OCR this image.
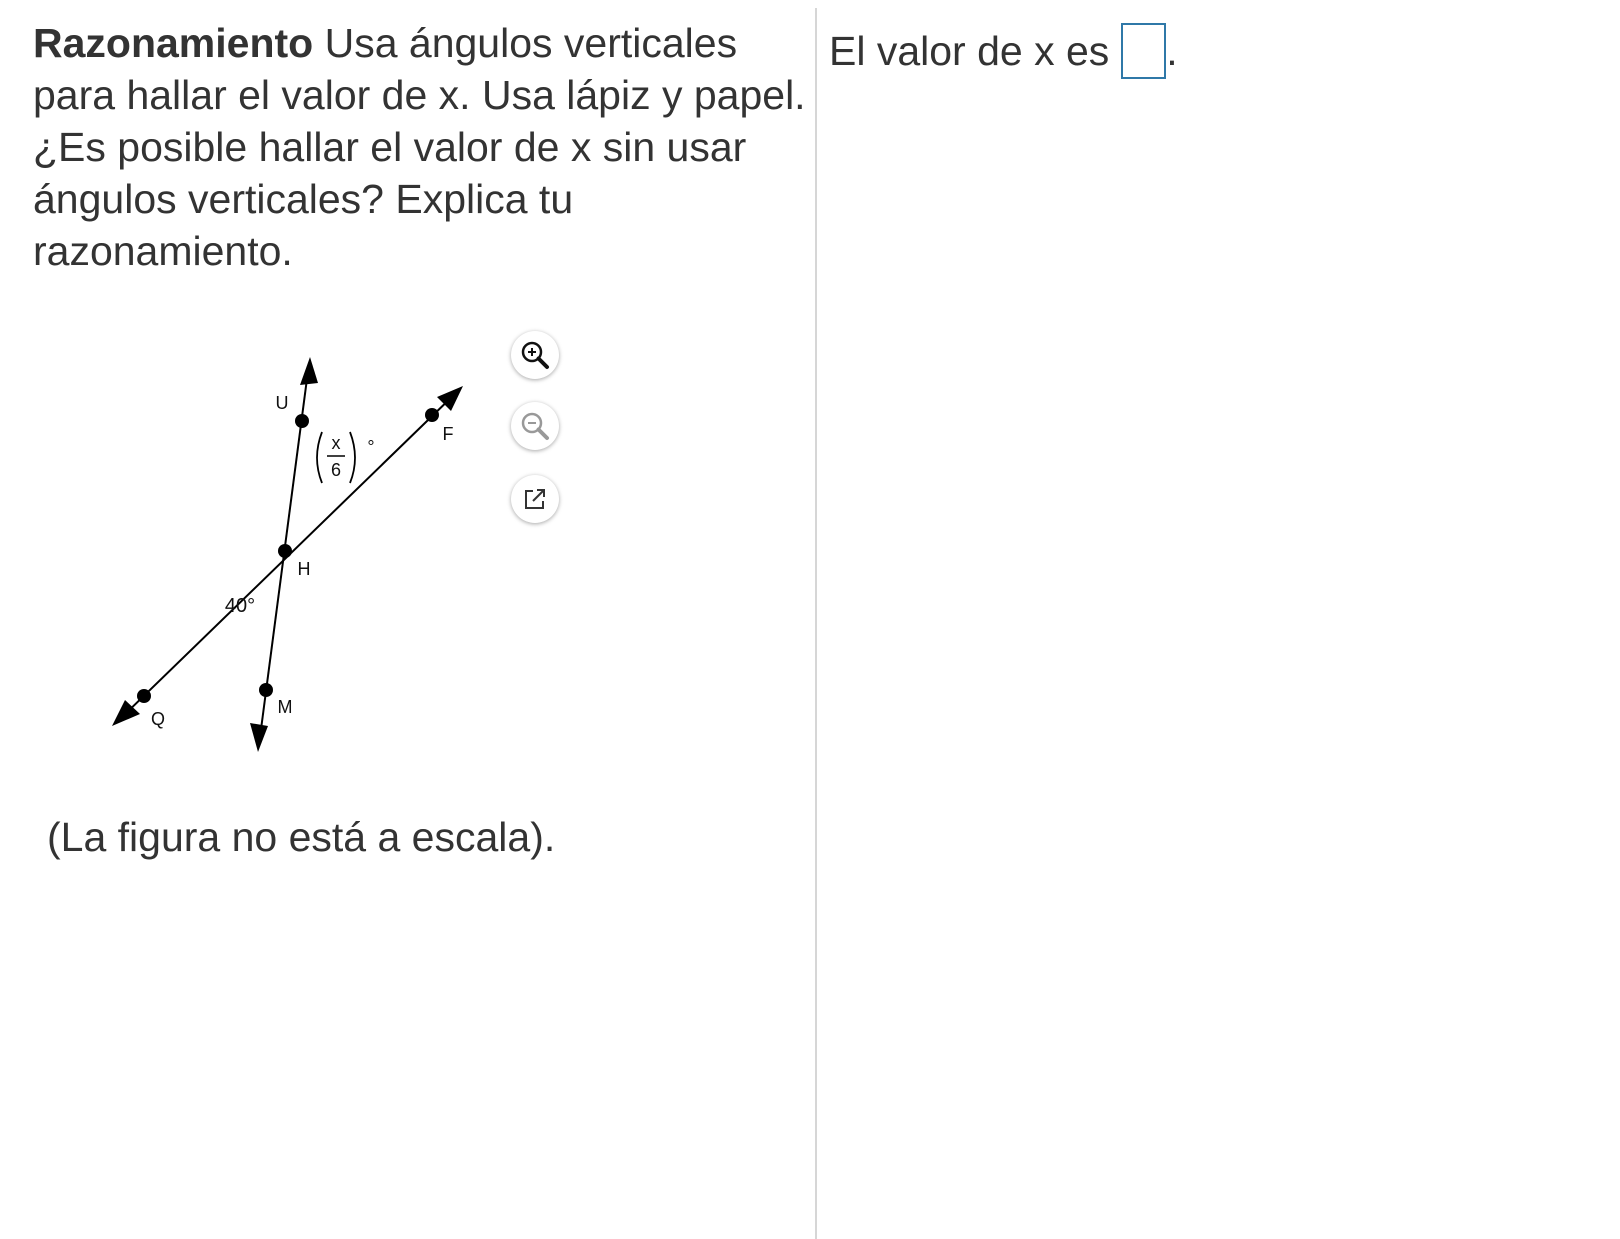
Razonamiento Usa ángulos verticales para hallar el valor de x. Usa lápiz y papel. ¿Es posible hallar el valor de x sin usar ángulos verticales? Explica tu razonamiento.
U
F
H
M
Q
40°
x
6
°
(La figura no está a escala).
El valor de x es .
